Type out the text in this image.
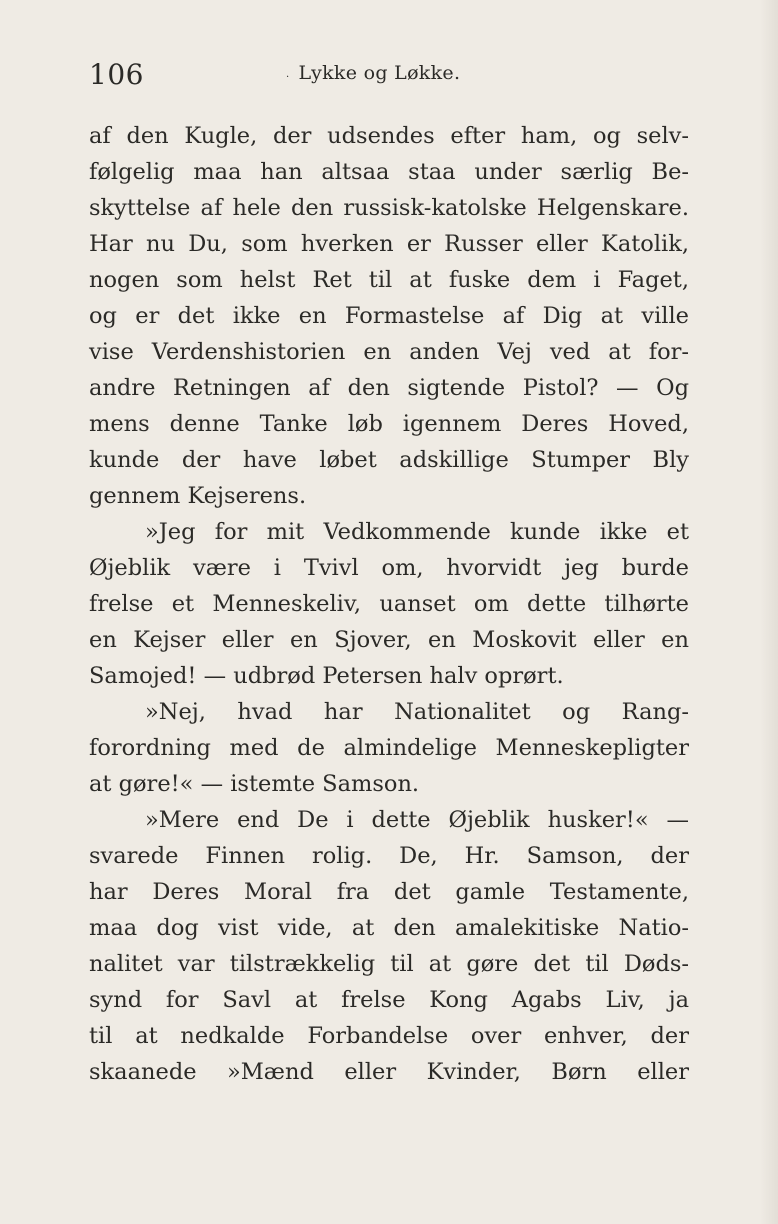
106	. Lykke og Løkke.
af den Kugle, der udsendes efter ham, og selv-
følgelig maa han altsaa staa under særlig Be-
skyttelse af hele den russisk-katolske Helgenskare.
Har nu Du, som hverken er Russer eller Katolik,
nogen som helst Ret til at fuske dem i Faget,
og er det ikke en Formastelse af Dig at ville
vise Verdenshistorien en anden Vej ved at for-
andre Retningen af den sigtende Pistol? — Og
mens denne Tanke løb igennem Deres Hoved,
kunde der have løbet adskillige Stumper Bly
gennem Kejserens.
»Jeg for mit Vedkommende kunde ikke et
Øjeblik være i Tvivl om, hvorvidt jeg burde
frelse et Menneskeliv, uanset om dette tilhørte
en Kejser eller en Sjover, en Moskovit eller en
Samojed! — udbrød Petersen halv oprørt.
»Nej, hvad har Nationalitet og Rang-
forordning med de almindelige Menneskepligter
at gøre!« — istemte Samson.
»Mere end De i dette Øjeblik husker!« —
svarede Finnen rolig. De, Hr. Samson, der
har Deres Moral fra det gamle Testamente,
maa dog vist vide, at den amalekitiske Natio-
nalitet var tilstrækkelig til at gøre det til Døds-
synd for Savl at frelse Kong Agabs Liv, ja
til at nedkalde Forbandelse over enhver, der
skaanede »Mænd eller Kvinder, Børn eller
